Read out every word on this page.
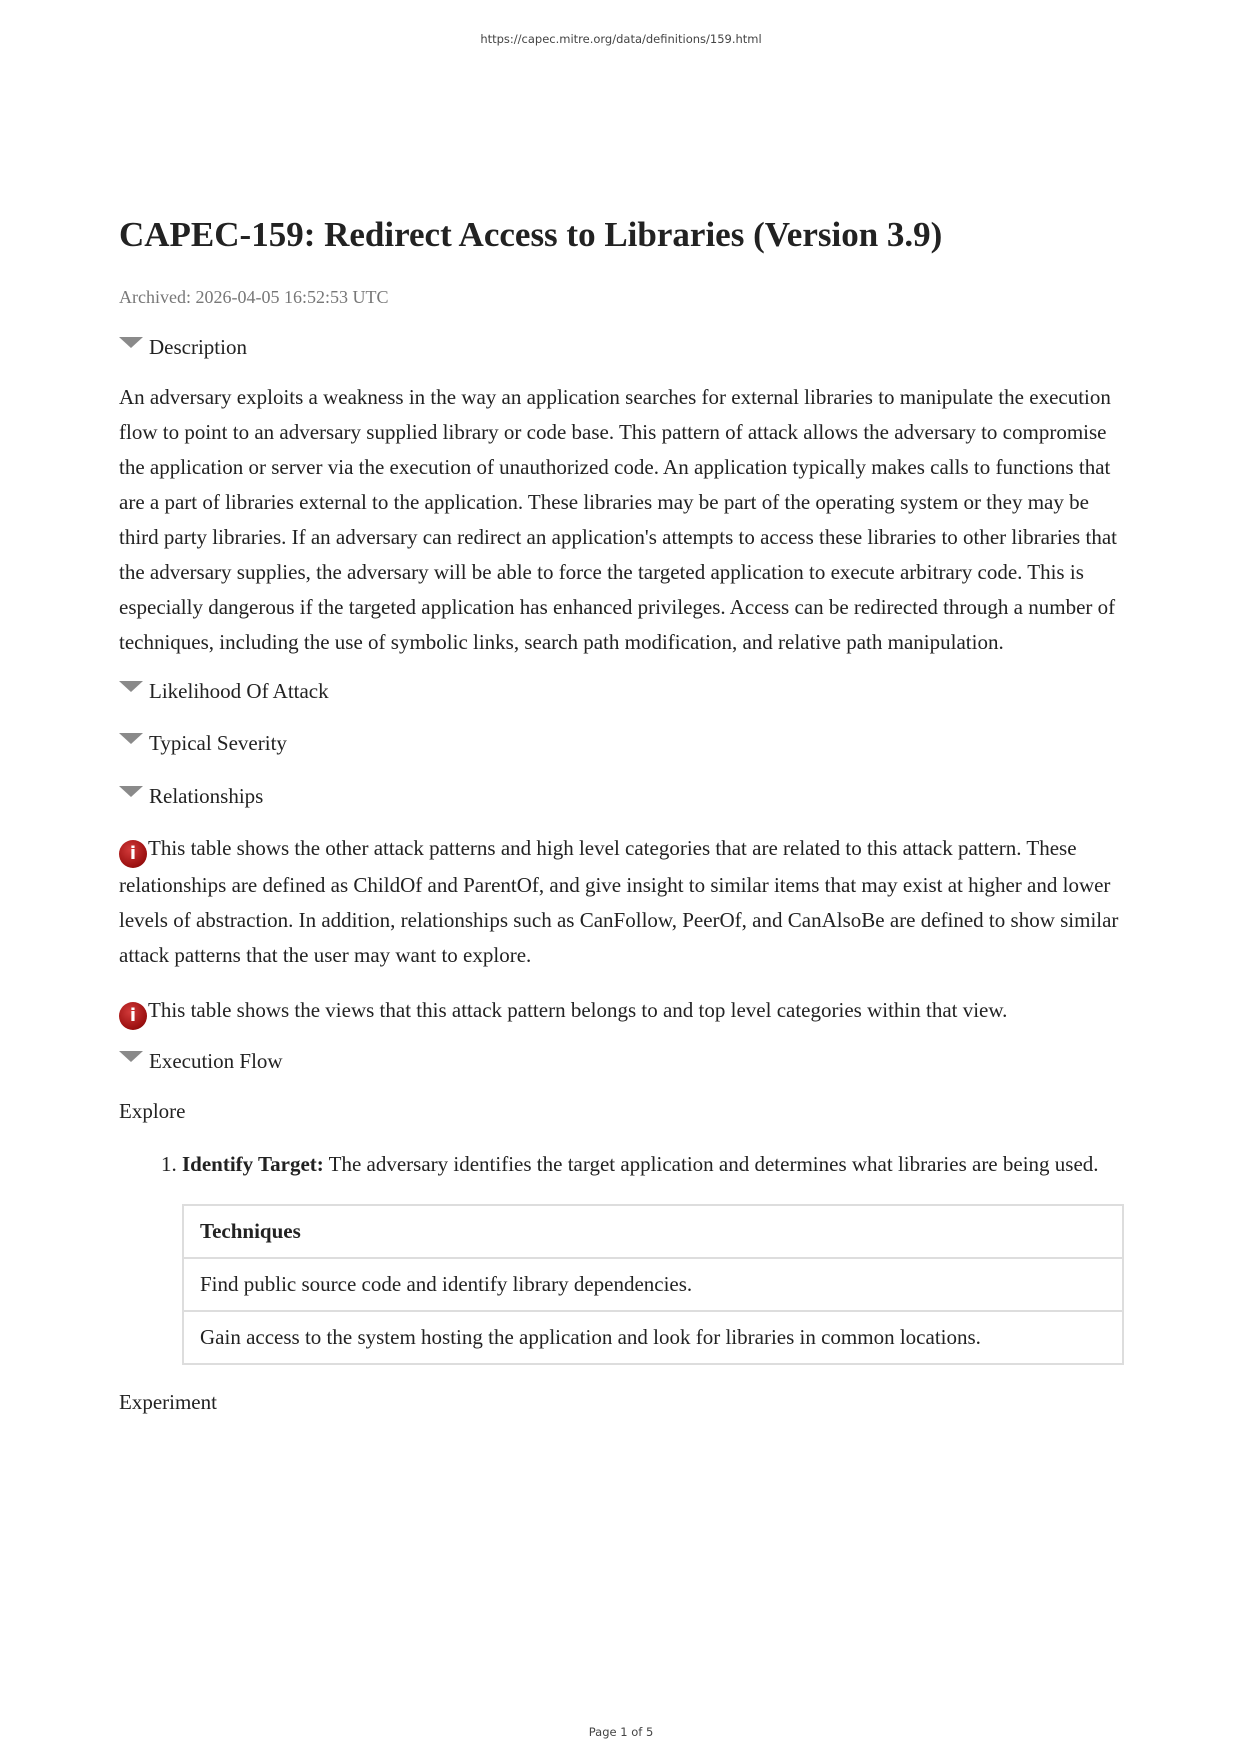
https://capec.mitre.org/data/definitions/159.html
CAPEC-159: Redirect Access to Libraries (Version 3.9)
Archived: 2026-04-05 16:52:53 UTC
Description

An adversary exploits a weakness in the way an application searches for external libraries to manipulate the execution flow to point to an adversary supplied library or code base. This pattern of attack allows the adversary to compromise the application or server via the execution of unauthorized code. An application typically makes calls to functions that are a part of libraries external to the application. These libraries may be part of the operating system or they may be third party libraries. If an adversary can redirect an application's attempts to access these libraries to other libraries that the adversary supplies, the adversary will be able to force the targeted application to execute arbitrary code. This is especially dangerous if the targeted application has enhanced privileges. Access can be redirected through a number of techniques, including the use of symbolic links, search path modification, and relative path manipulation.

Likelihood Of Attack
Typical Severity
Relationships

i This table shows the other attack patterns and high level categories that are related to this attack pattern. These relationships are defined as ChildOf and ParentOf, and give insight to similar items that may exist at higher and lower levels of abstraction. In addition, relationships such as CanFollow, PeerOf, and CanAlsoBe are defined to show similar attack patterns that the user may want to explore.

i This table shows the views that this attack pattern belongs to and top level categories within that view.

Execution Flow

Explore

1. Identify Target: The adversary identifies the target application and determines what libraries are being used.
Techniques
Find public source code and identify library dependencies.
Gain access to the system hosting the application and look for libraries in common locations.

Experiment

Page 1 of 5
